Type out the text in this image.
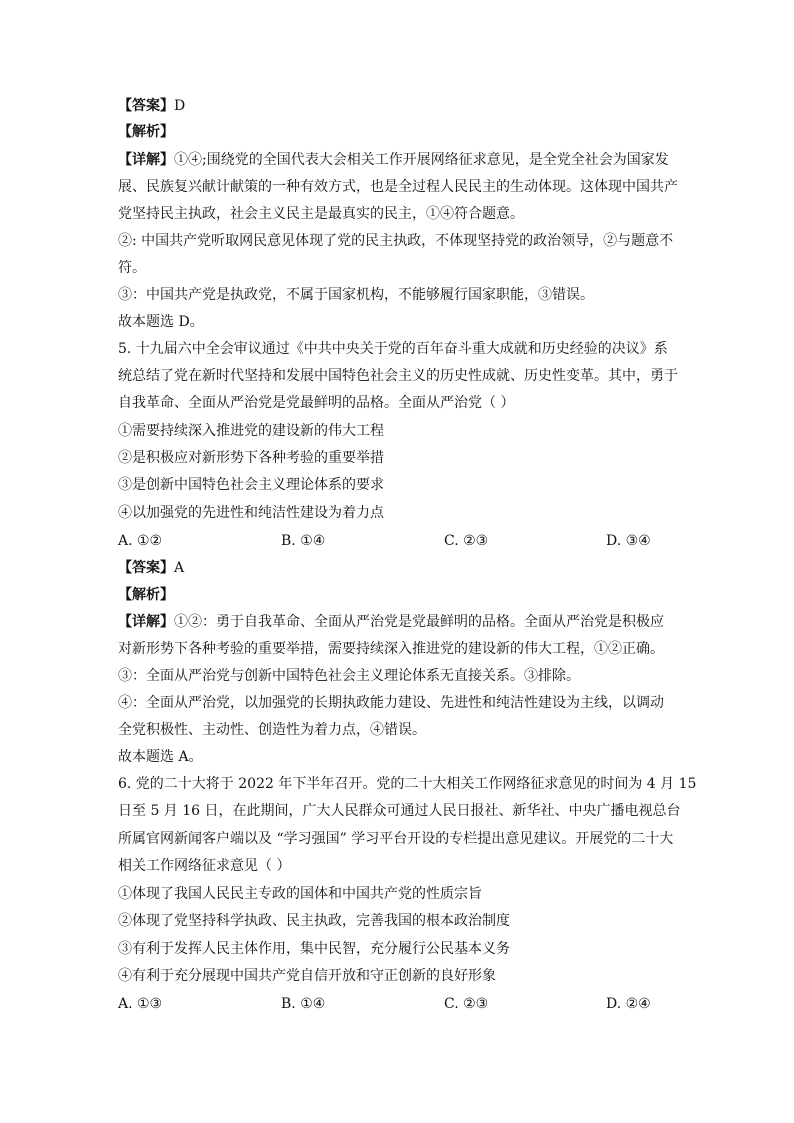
【答案】D
【解析】
【详解】①④;围绕党的全国代表大会相关工作开展网络征求意见，是全党全社会为国家发
展、民族复兴献计献策的一种有效方式，也是全过程人民民主的生动体现。这体现中国共产
党坚持民主执政，社会主义民主是最真实的民主，①④符合题意。
②: 中国共产党听取网民意见体现了党的民主执政，不体现坚持党的政治领导，②与题意不
符。
③：中国共产党是执政党，不属于国家机构，不能够履行国家职能，③错误。
故本题选 D。
5. 十九届六中全会审议通过《中共中央关于党的百年奋斗重大成就和历史经验的决议》系
统总结了党在新时代坚持和发展中国特色社会主义的历史性成就、历史性变革。其中，勇于
自我革命、全面从严治党是党最鲜明的品格。全面从严治党（ ）
①需要持续深入推进党的建设新的伟大工程
②是积极应对新形势下各种考验的重要举措
③是创新中国特色社会主义理论体系的要求
④以加强党的先进性和纯洁性建设为着力点
A. ①②	B. ①④	C. ②③	D. ③④
【答案】A
【解析】
【详解】①②：勇于自我革命、全面从严治党是党最鲜明的品格。全面从严治党是积极应
对新形势下各种考验的重要举措，需要持续深入推进党的建设新的伟大工程，①②正确。
③：全面从严治党与创新中国特色社会主义理论体系无直接关系。③排除。
④：全面从严治党，以加强党的长期执政能力建设、先进性和纯洁性建设为主线，以调动
全党积极性、主动性、创造性为着力点，④错误。
故本题选 A。
6. 党的二十大将于 2022 年下半年召开。党的二十大相关工作网络征求意见的时间为 4 月 15
日至 5 月 16 日，在此期间，广大人民群众可通过人民日报社、新华社、中央广播电视总台
所属官网新闻客户端以及 “学习强国” 学习平台开设的专栏提出意见建议。开展党的二十大
相关工作网络征求意见（ ）
①体现了我国人民民主专政的国体和中国共产党的性质宗旨
②体现了党坚持科学执政、民主执政，完善我国的根本政治制度
③有利于发挥人民主体作用，集中民智，充分履行公民基本义务
④有利于充分展现中国共产党自信开放和守正创新的良好形象
A. ①③	B. ①④	C. ②③	D. ②④
